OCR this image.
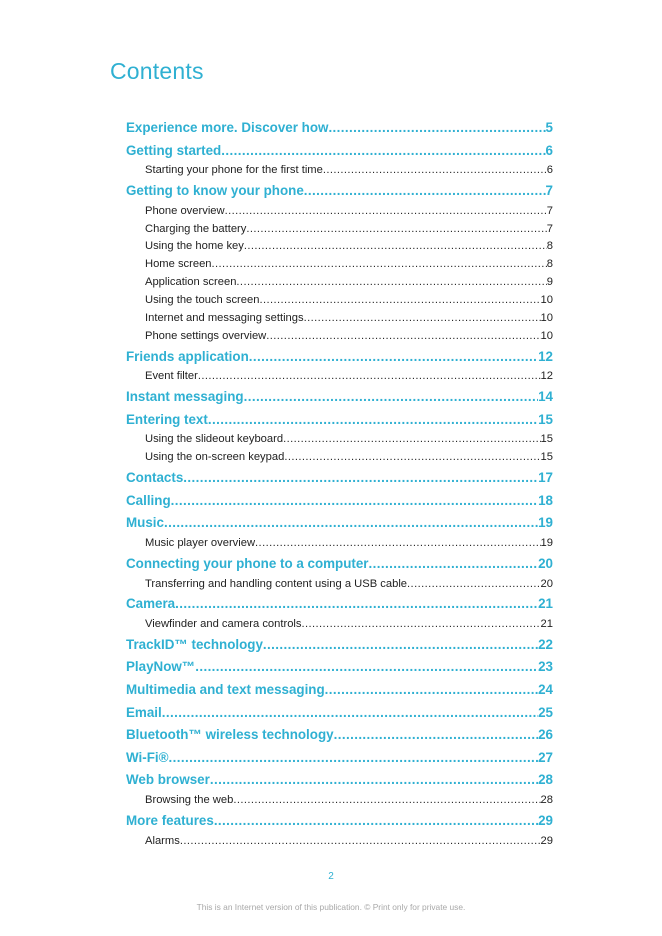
Contents
Experience more. Discover how .....	5
Getting started .....	6
Starting your phone for the first time .....	6
Getting to know your phone .....	7
Phone overview .....	7
Charging the battery .....	7
Using the home key .....	8
Home screen .....	8
Application screen .....	9
Using the touch screen .....	10
Internet and messaging settings .....	10
Phone settings overview .....	10
Friends application .....	12
Event filter .....	12
Instant messaging .....	14
Entering text .....	15
Using the slideout keyboard .....	15
Using the on-screen keypad .....	15
Contacts .....	17
Calling .....	18
Music .....	19
Music player overview .....	19
Connecting your phone to a computer .....	20
Transferring and handling content using a USB cable .....	20
Camera .....	21
Viewfinder and camera controls .....	21
TrackID™ technology .....	22
PlayNow™ .....	23
Multimedia and text messaging .....	24
Email .....	25
Bluetooth™ wireless technology .....	26
Wi-Fi® .....	27
Web browser .....	28
Browsing the web .....	28
More features .....	29
Alarms .....	29
2
This is an Internet version of this publication. © Print only for private use.
